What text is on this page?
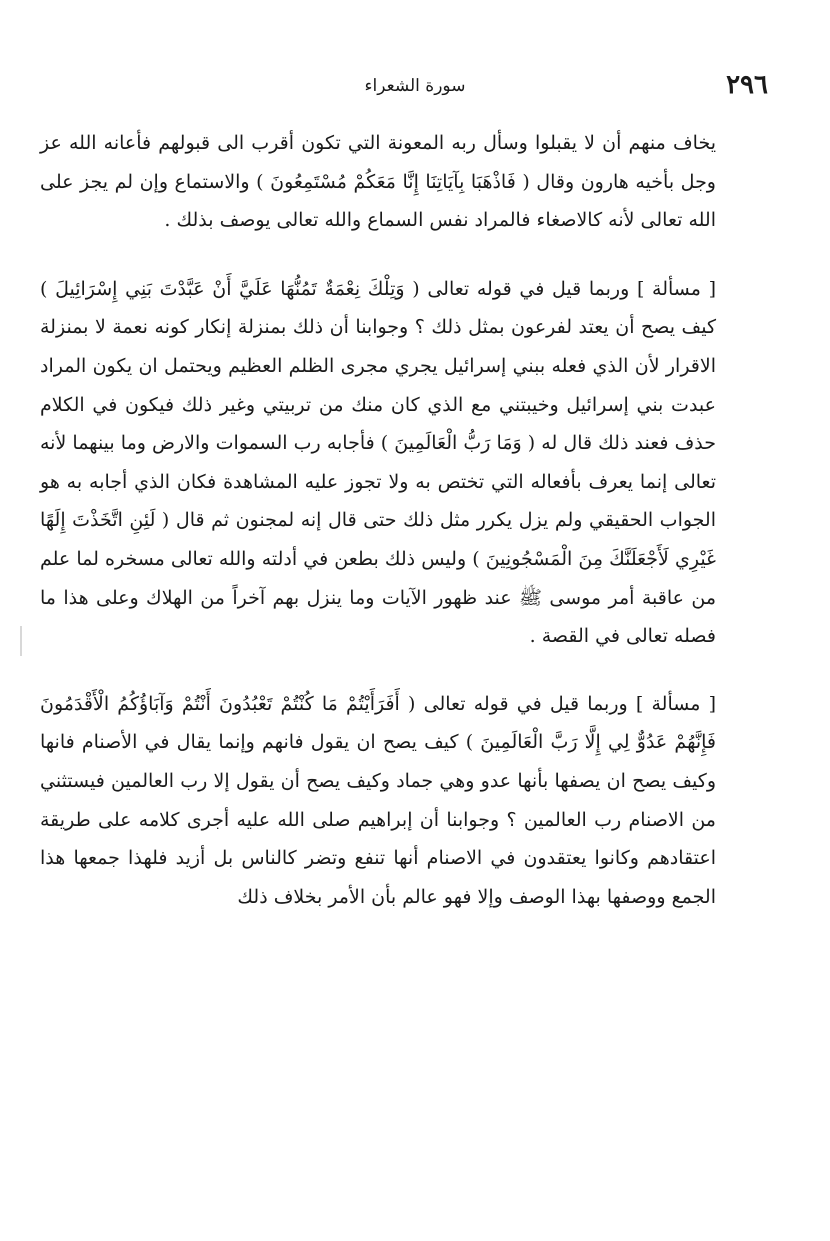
٢٩٦
سورة الشعراء

يخاف منهم أن لا يقبلوا وسأل ربه المعونة التي تكون أقرب الى قبولهم فأعانه الله عز وجل بأخيه هارون وقال ( فَاذْهَبَا بِآيَاتِنَا إِنَّا مَعَكُمْ مُسْتَمِعُونَ ) والاستماع وإن لم يجز على الله تعالى لأنه كالاصغاء فالمراد نفس السماع والله تعالى يوصف بذلك .

[ مسألة ] وربما قيل في قوله تعالى ( وَتِلْكَ نِعْمَةٌ تَمُنُّهَا عَلَيَّ أَنْ عَبَّدْتَ بَنِي إِسْرَائِيلَ ) كيف يصح أن يعتد لفرعون بمثل ذلك ؟ وجوابنا أن ذلك بمنزلة إنكار كونه نعمة لا بمنزلة الاقرار لأن الذي فعله ببني إسرائيل يجري مجرى الظلم العظيم ويحتمل ان يكون المراد عبدت بني إسرائيل وخيبتني مع الذي كان منك من تربيتي وغير ذلك فيكون في الكلام حذف فعند ذلك قال له ( وَمَا رَبُّ الْعَالَمِينَ ) فأجابه رب السموات والارض وما بينهما لأنه تعالى إنما يعرف بأفعاله التي تختص به ولا تجوز عليه المشاهدة فكان الذي أجابه به هو الجواب الحقيقي ولم يزل يكرر مثل ذلك حتى قال إنه لمجنون ثم قال ( لَئِنِ اتَّخَذْتَ إِلَهًا غَيْرِي لَأَجْعَلَنَّكَ مِنَ الْمَسْجُونِينَ ) وليس ذلك بطعن في أدلته والله تعالى مسخره لما علم من عاقبة أمر موسى ﷺ عند ظهور الآيات وما ينزل بهم آخراً من الهلاك وعلى هذا ما فصله تعالى في القصة .

[ مسألة ] وربما قيل في قوله تعالى ( أَفَرَأَيْتُمْ مَا كُنْتُمْ تَعْبُدُونَ أَنْتُمْ وَآبَاؤُكُمُ الْأَقْدَمُونَ فَإِنَّهُمْ عَدُوٌّ لِي إِلَّا رَبَّ الْعَالَمِينَ ) كيف يصح ان يقول فانهم وإنما يقال في الأصنام فانها وكيف يصح ان يصفها بأنها عدو وهي جماد وكيف يصح أن يقول إلا رب العالمين فيستثني من الاصنام رب العالمين ؟ وجوابنا أن إبراهيم صلى الله عليه أجرى كلامه على طريقة اعتقادهم وكانوا يعتقدون في الاصنام أنها تنفع وتضر كالناس بل أزيد فلهذا جمعها هذا الجمع ووصفها بهذا الوصف وإلا فهو عالم بأن الأمر بخلاف ذلك
